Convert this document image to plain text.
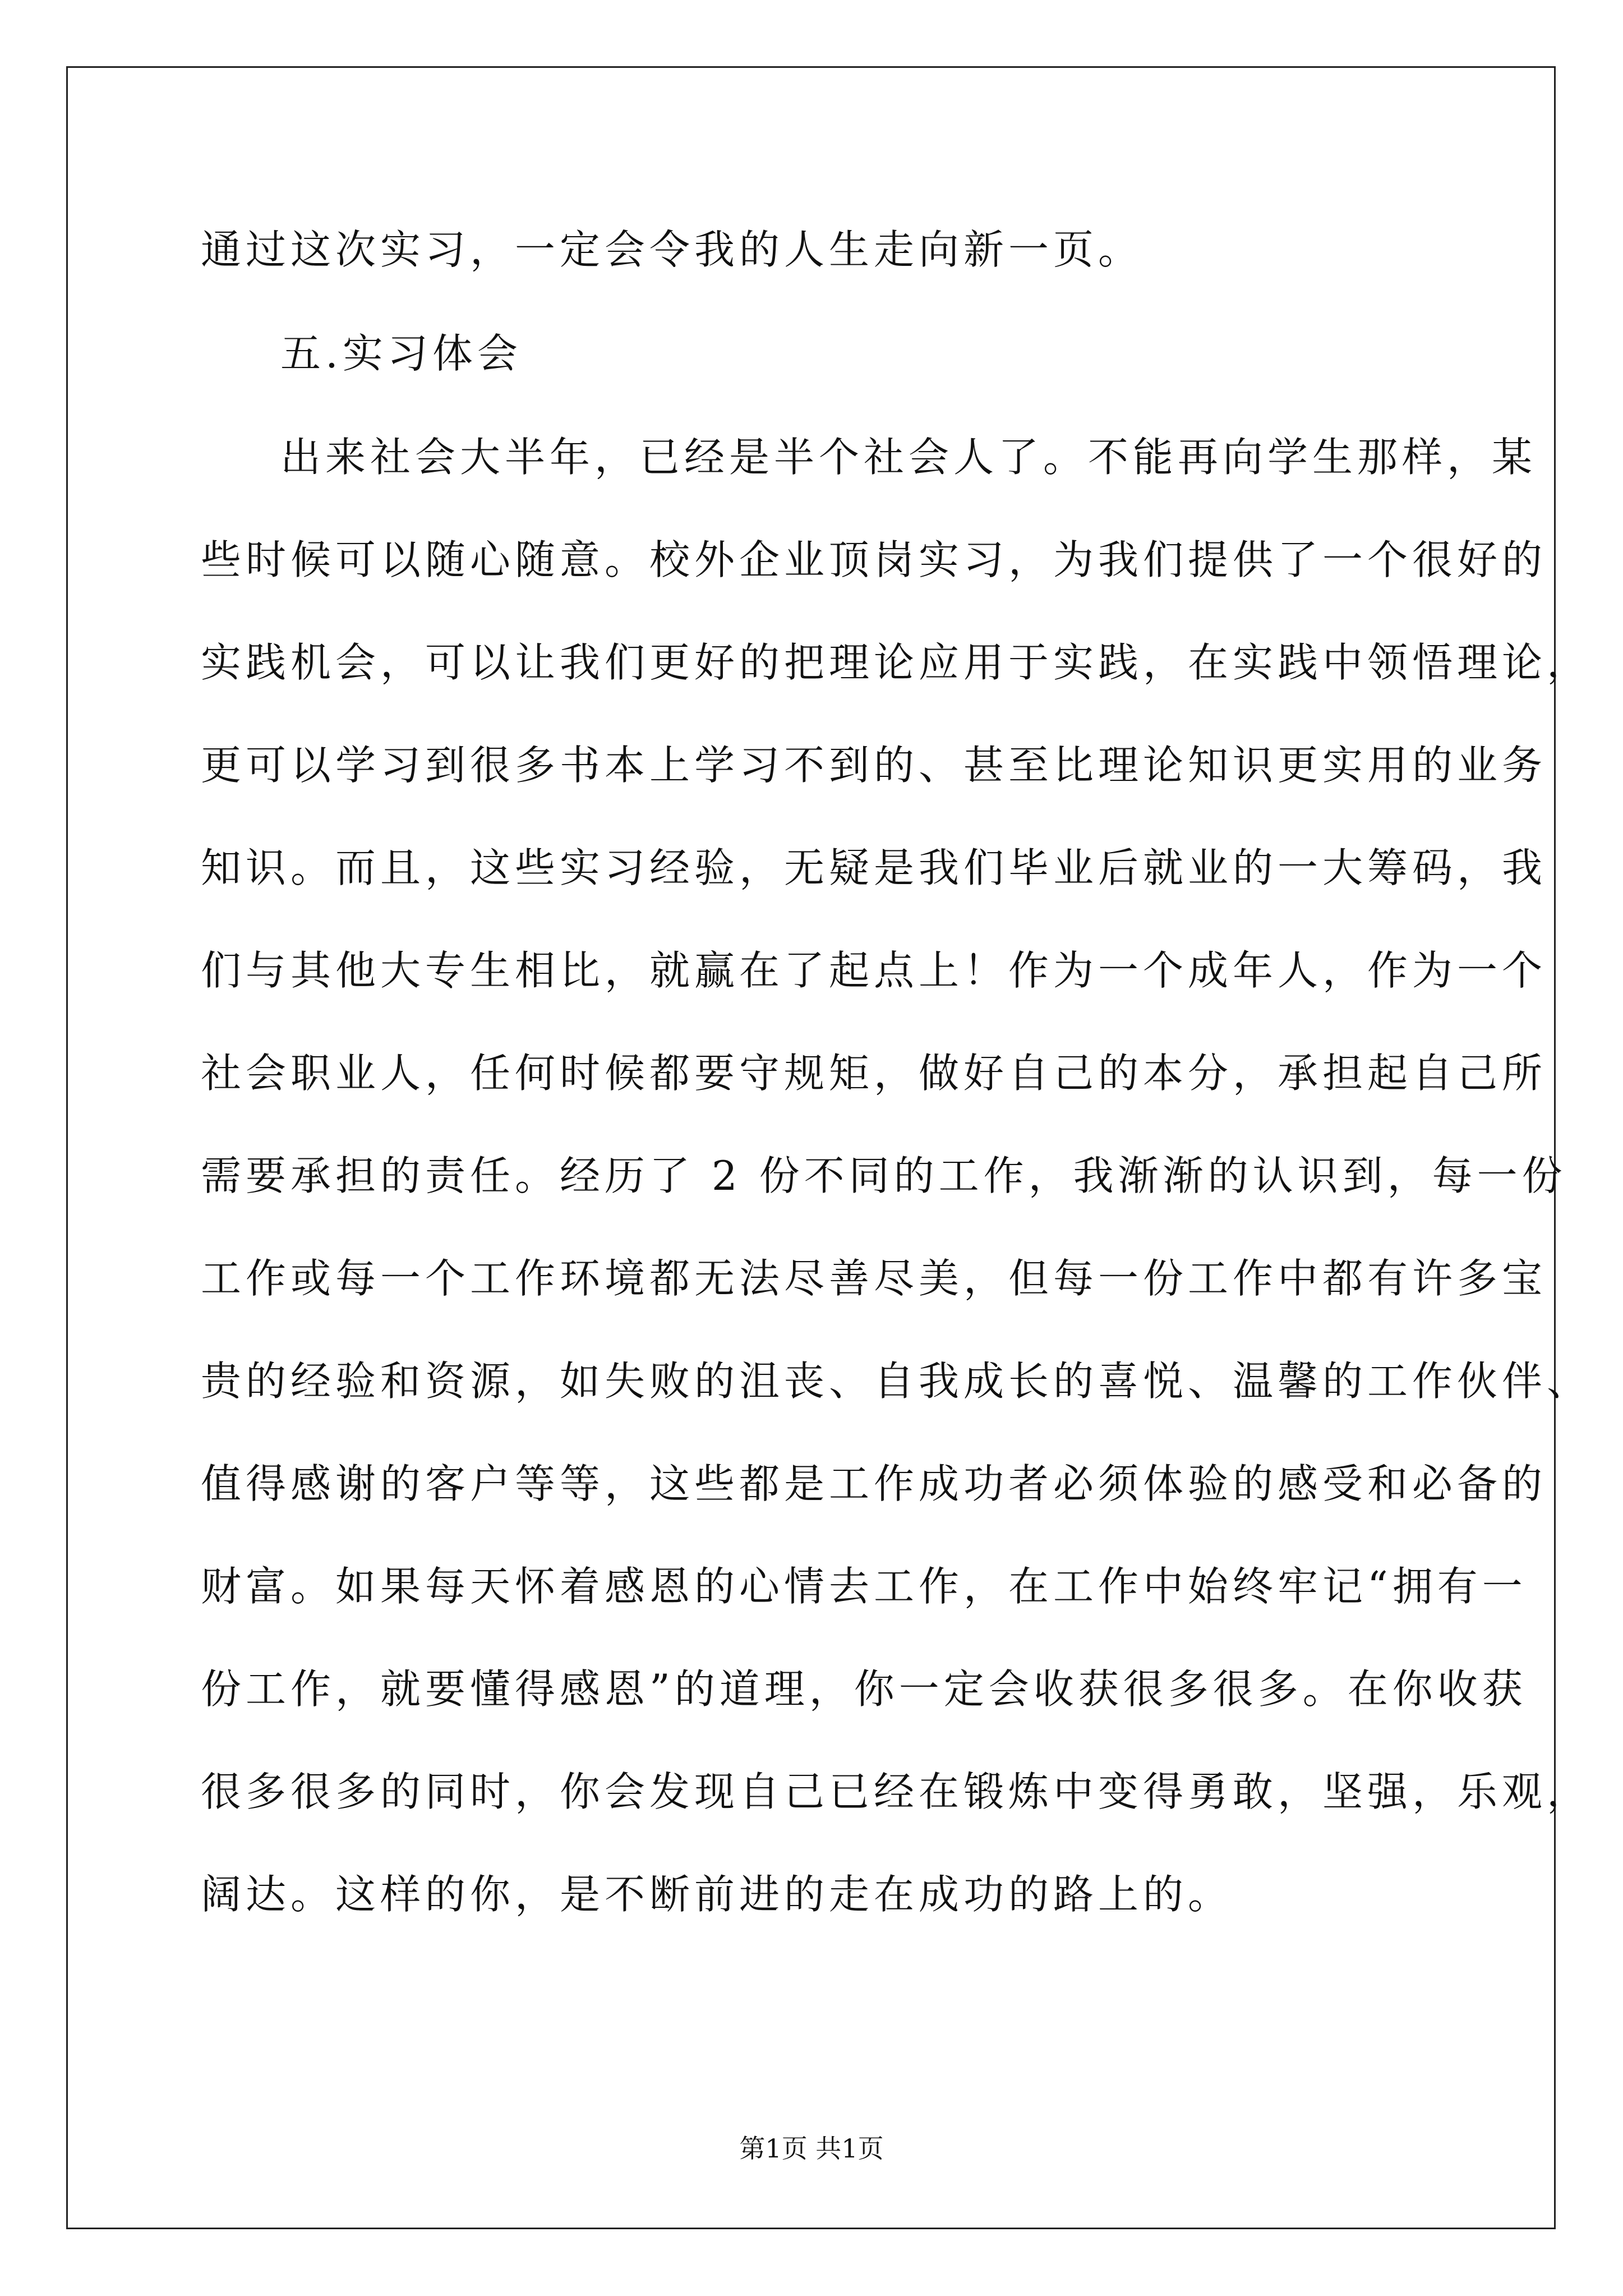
通过这次实习，一定会令我的人生走向新一页。
五.实习体会
出来社会大半年，已经是半个社会人了。不能再向学生那样，某
些时候可以随心随意。校外企业顶岗实习，为我们提供了一个很好的
实践机会，可以让我们更好的把理论应用于实践，在实践中领悟理论，
更可以学习到很多书本上学习不到的、甚至比理论知识更实用的业务
知识。而且，这些实习经验，无疑是我们毕业后就业的一大筹码，我
们与其他大专生相比，就赢在了起点上！作为一个成年人，作为一个
社会职业人，任何时候都要守规矩，做好自己的本分，承担起自己所
需要承担的责任。经历了 2 份不同的工作，我渐渐的认识到，每一份
工作或每一个工作环境都无法尽善尽美，但每一份工作中都有许多宝
贵的经验和资源，如失败的沮丧、自我成长的喜悦、温馨的工作伙伴、
值得感谢的客户等等，这些都是工作成功者必须体验的感受和必备的
财富。如果每天怀着感恩的心情去工作，在工作中始终牢记“拥有一
份工作，就要懂得感恩”的道理，你一定会收获很多很多。在你收获
很多很多的同时，你会发现自己已经在锻炼中变得勇敢，坚强，乐观，
阔达。这样的你，是不断前进的走在成功的路上的。
第1页 共1页
